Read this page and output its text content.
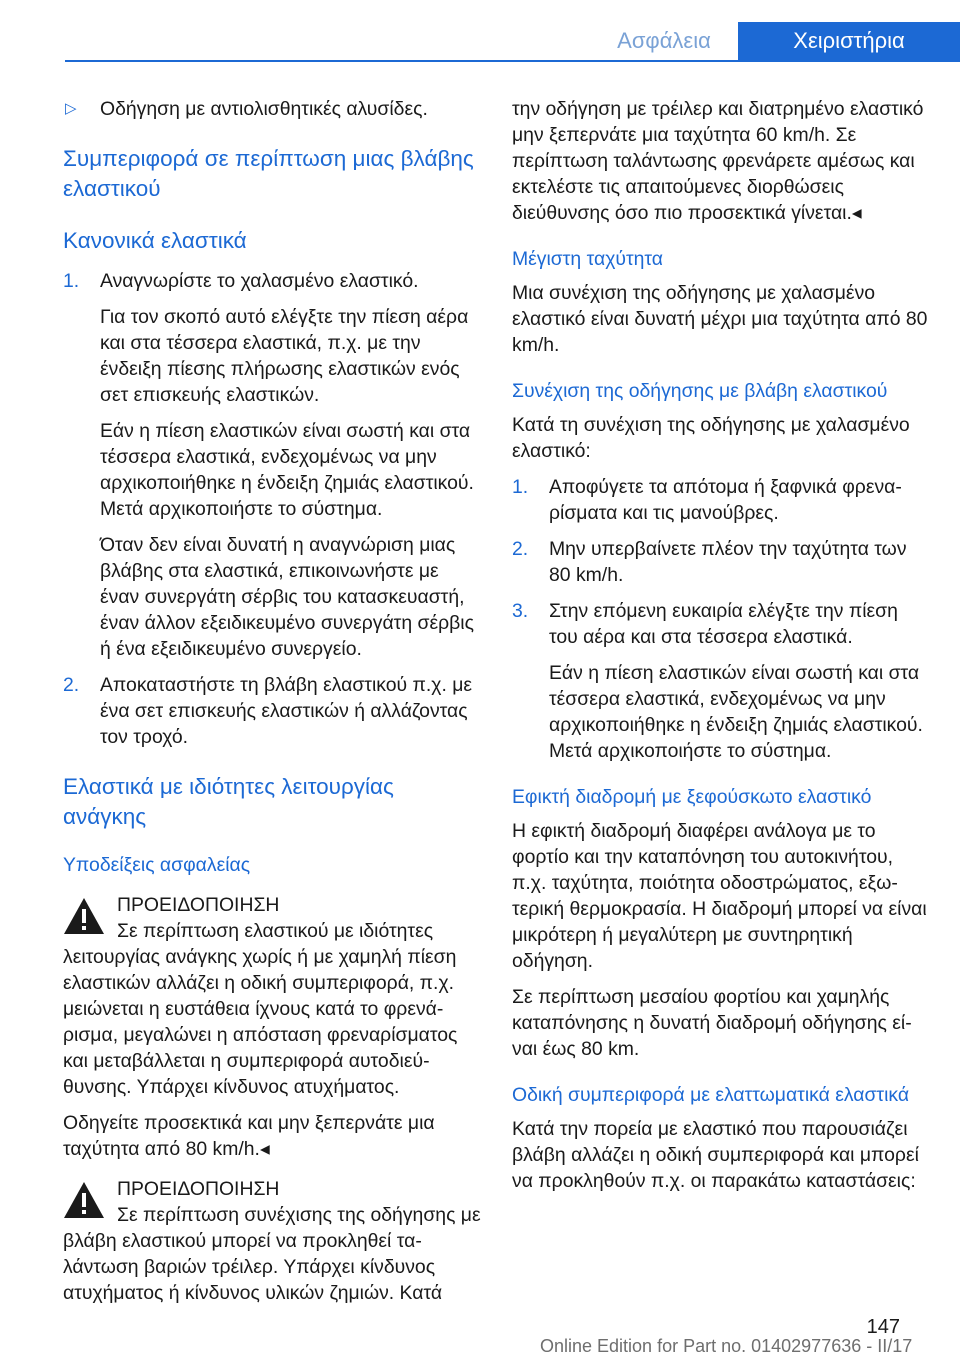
Ασφάλεια	Χειριστήρια
▷ Οδήγηση με αντιολισθητικές αλυσίδες.
Συμπεριφορά σε περίπτωση μιας βλάβης ελαστικού
Κανονικά ελαστικά
1. Αναγνωρίστε το χαλασμένο ελαστικό.

Για τον σκοπό αυτό ελέγξτε την πίεση αέρα και στα τέσσερα ελαστικά, π.χ. με την ένδειξη πίεσης πλήρωσης ελαστικών ενός σετ επισκευής ελαστικών.

Εάν η πίεση ελαστικών είναι σωστή και στα τέσσερα ελαστικά, ενδεχομένως να μην αρχικοποιήθηκε η ένδειξη ζημιάς ελαστικού. Μετά αρχικοποιήστε το σύστημα.

Όταν δεν είναι δυνατή η αναγνώριση μιας βλάβης στα ελαστικά, επικοινωνήστε με έναν συνεργάτη σέρβις του κατασκευαστή, έναν άλλον εξειδικευμένο συνεργάτη σέρβις ή ένα εξειδικευμένο συνεργείο.

2. Αποκαταστήστε τη βλάβη ελαστικού π.χ. με ένα σετ επισκευής ελαστικών ή αλλάζοντας τον τροχό.

Ελαστικά με ιδιότητες λειτουργίας ανάγκης
Υποδείξεις ασφαλείας
ΠΡΟΕΙΔΟΠΟΙΗΣΗ

Σε περίπτωση ελαστικού με ιδιότητες λειτουργίας ανάγκης χωρίς ή με χαμηλή πίεση ελαστικών αλλάζει η οδική συμπεριφορά, π.χ. μειώνεται η ευστάθεια ίχνους κατά το φρενάρισμα, μεγαλώνει η απόσταση φρεναρίσματος και μεταβάλλεται η συμπεριφορά αυτοδιεύθυνσης. Υπάρχει κίνδυνος ατυχήματος.

Οδηγείτε προσεκτικά και μην ξεπερνάτε μια ταχύτητα από 80 km/h.◂

ΠΡΟΕΙΔΟΠΟΙΗΣΗ

Σε περίπτωση συνέχισης της οδήγησης με βλάβη ελαστικού μπορεί να προκληθεί ταλάντωση βαριών τρέιλερ. Υπάρχει κίνδυνος ατυχήματος ή κίνδυνος υλικών ζημιών. Κατά

την οδήγηση με τρέιλερ και διατρημένο ελαστικό μην ξεπερνάτε μια ταχύτητα 60 km/h. Σε περίπτωση ταλάντωσης φρενάρετε αμέσως και εκτελέστε τις απαιτούμενες διορθώσεις διεύθυνσης όσο πιο προσεκτικά γίνεται.◂

Μέγιστη ταχύτητα

Μια συνέχιση της οδήγησης με χαλασμένο ελαστικό είναι δυνατή μέχρι μια ταχύτητα από 80 km/h.

Συνέχιση της οδήγησης με βλάβη ελαστικού

Κατά τη συνέχιση της οδήγησης με χαλασμένο ελαστικό:

1. Αποφύγετε τα απότομα ή ξαφνικά φρεναρίσματα και τις μανούβρες.

2. Μην υπερβαίνετε πλέον την ταχύτητα των 80 km/h.

3. Στην επόμενη ευκαιρία ελέγξτε την πίεση του αέρα και στα τέσσερα ελαστικά.

Εάν η πίεση ελαστικών είναι σωστή και στα τέσσερα ελαστικά, ενδεχομένως να μην αρχικοποιήθηκε η ένδειξη ζημιάς ελαστικού. Μετά αρχικοποιήστε το σύστημα.

Εφικτή διαδρομή με ξεφούσκωτο ελαστικό

Η εφικτή διαδρομή διαφέρει ανάλογα με το φορτίο και την καταπόνηση του αυτοκινήτου, π.χ. ταχύτητα, ποιότητα οδοστρώματος, εξωτερική θερμοκρασία. Η διαδρομή μπορεί να είναι μικρότερη ή μεγαλύτερη με συντηρητική οδήγηση.

Σε περίπτωση μεσαίου φορτίου και χαμηλής καταπόνησης η δυνατή διαδρομή οδήγησης είναι έως 80 km.

Οδική συμπεριφορά με ελαττωματικά ελαστικά

Κατά την πορεία με ελαστικό που παρουσιάζει βλάβη αλλάζει η οδική συμπεριφορά και μπορεί να προκληθούν π.χ. οι παρακάτω καταστάσεις:

147
Online Edition for Part no. 01402977636 - II/17
